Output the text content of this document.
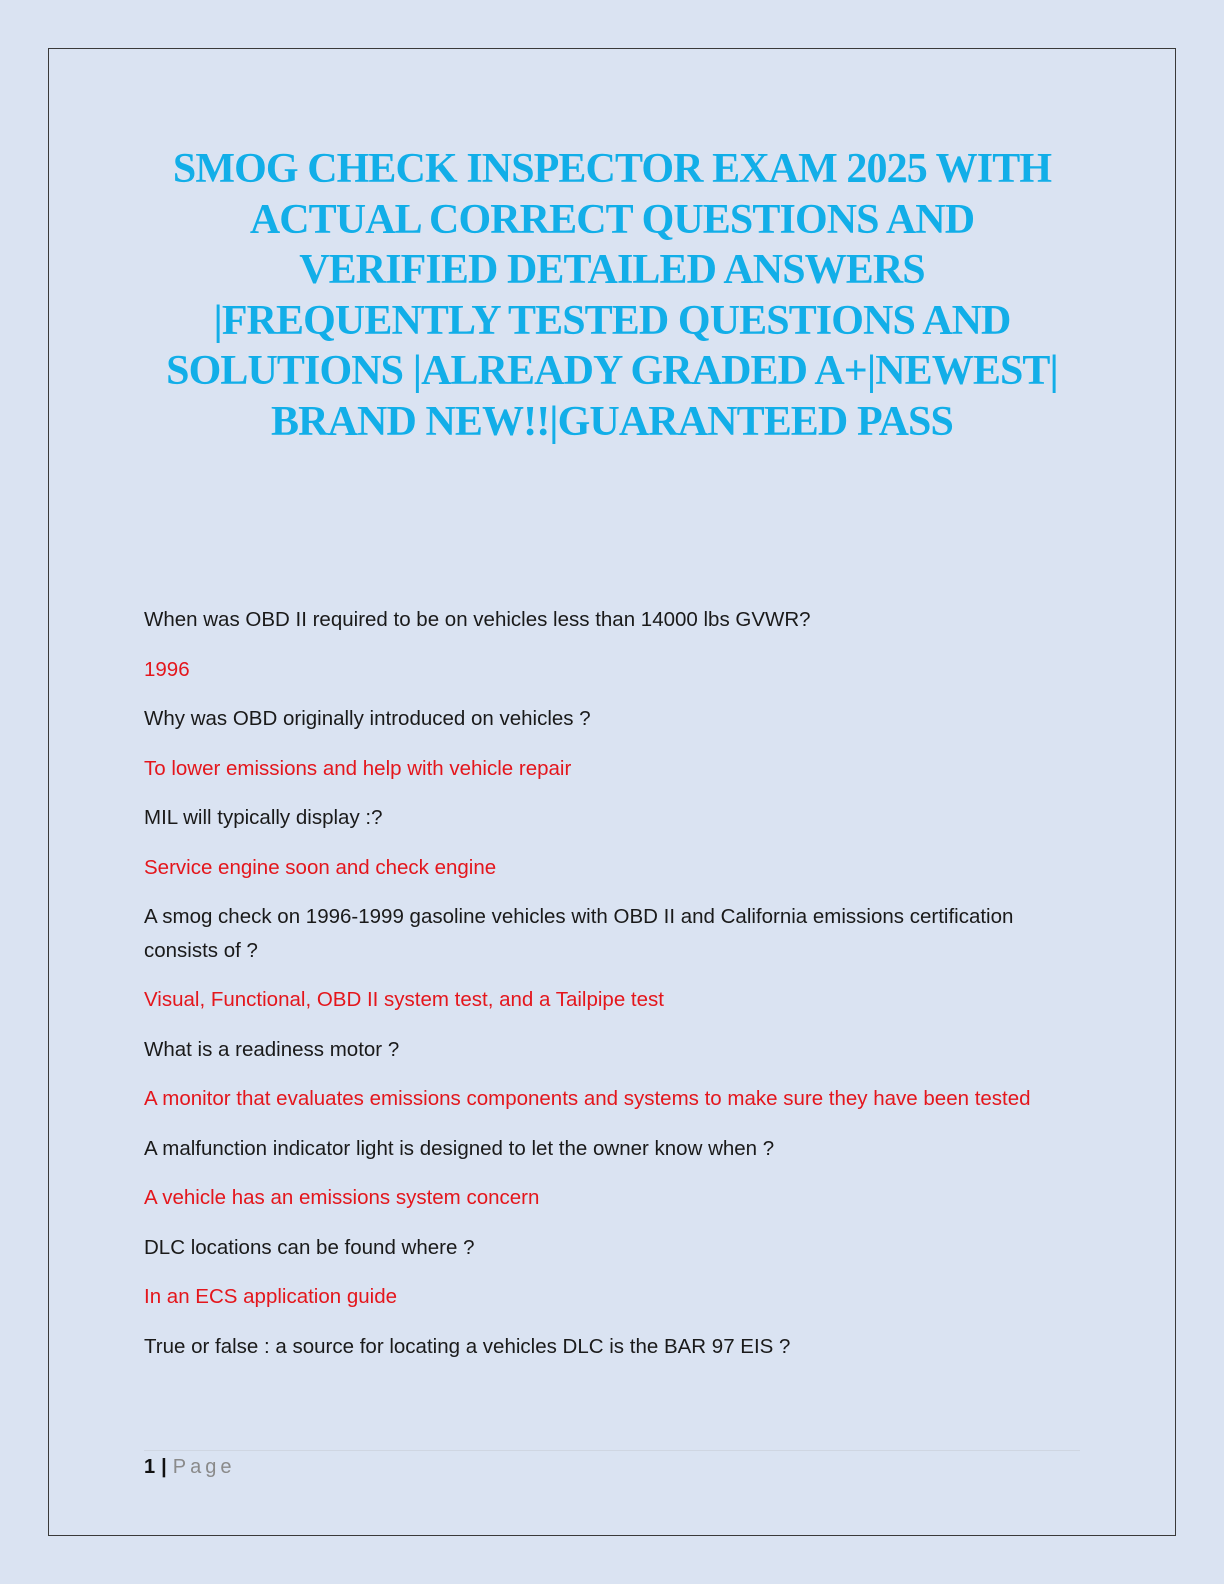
SMOG CHECK INSPECTOR EXAM 2025 WITH
ACTUAL CORRECT QUESTIONS AND
VERIFIED DETAILED ANSWERS
|FREQUENTLY TESTED QUESTIONS AND
SOLUTIONS |ALREADY GRADED A+|NEWEST|
BRAND NEW!!|GUARANTEED PASS

When was OBD II required to be on vehicles less than 14000 lbs GVWR?

1996

Why was OBD originally introduced on vehicles ?

To lower emissions and help with vehicle repair

MIL will typically display :?

Service engine soon and check engine

A smog check on 1996-1999 gasoline vehicles with OBD II and California emissions certification consists of ?

Visual, Functional, OBD II system test, and a Tailpipe test

What is a readiness motor ?

A monitor that evaluates emissions components and systems to make sure they have been tested

A malfunction indicator light is designed to let the owner know when ?

A vehicle has an emissions system concern

DLC locations can be found where ?

In an ECS application guide

True or false : a source for locating a vehicles DLC is the BAR 97 EIS ?

1 | Page
